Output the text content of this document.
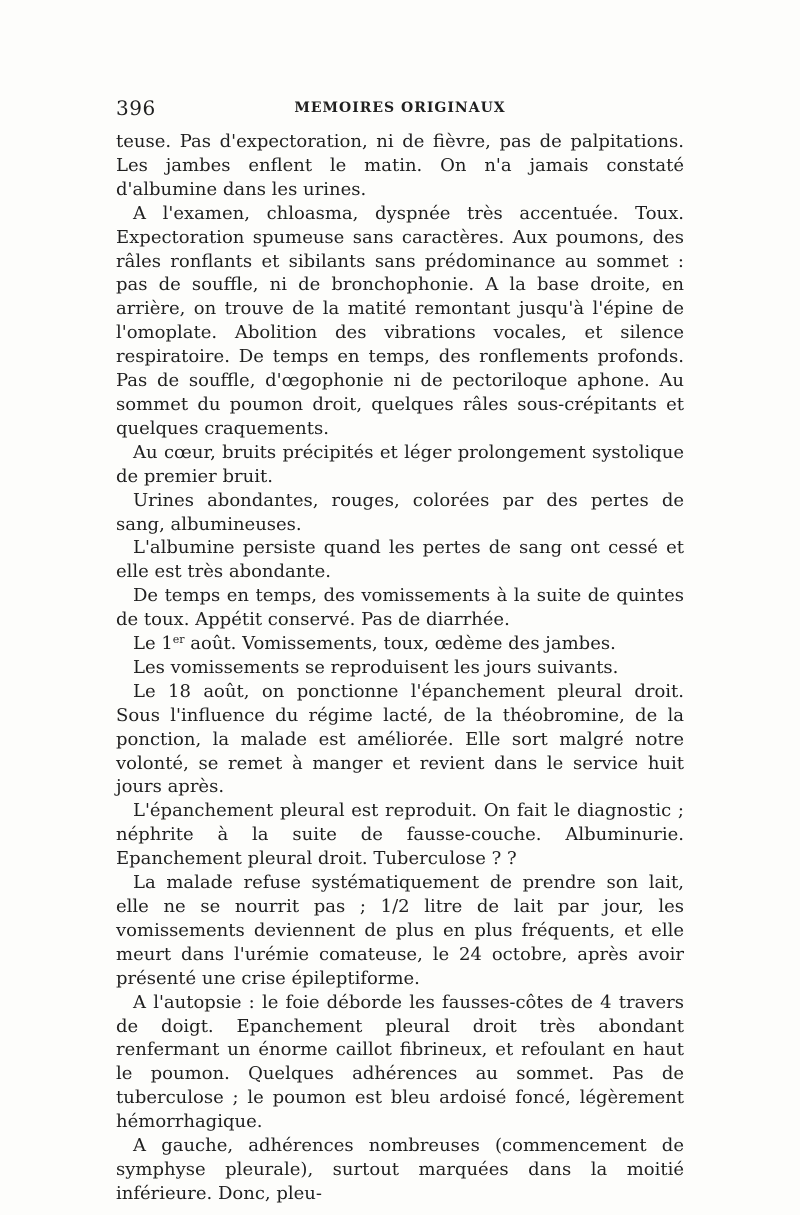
396	MEMOIRES ORIGINAUX

teuse. Pas d'expectoration, ni de fièvre, pas de palpitations. Les jambes enflent le matin. On n'a jamais constaté d'albumine dans les urines.

A l'examen, chloasma, dyspnée très accentuée. Toux. Expectoration spumeuse sans caractères. Aux poumons, des râles ronflants et sibilants sans prédominance au sommet : pas de souffle, ni de bronchophonie. A la base droite, en arrière, on trouve de la matité remontant jusqu'à l'épine de l'omoplate. Abolition des vibrations vocales, et silence respiratoire. De temps en temps, des ronflements profonds. Pas de souffle, d'œgophonie ni de pectoriloque aphone. Au sommet du poumon droit, quelques râles sous-crépitants et quelques craquements.

Au cœur, bruits précipités et léger prolongement systolique de premier bruit.

Urines abondantes, rouges, colorées par des pertes de sang, albumineuses.

L'albumine persiste quand les pertes de sang ont cessé et elle est très abondante.

De temps en temps, des vomissements à la suite de quintes de toux. Appétit conservé. Pas de diarrhée.

Le 1er août. Vomissements, toux, œdème des jambes.

Les vomissements se reproduisent les jours suivants.

Le 18 août, on ponctionne l'épanchement pleural droit. Sous l'influence du régime lacté, de la théobromine, de la ponction, la malade est améliorée. Elle sort malgré notre volonté, se remet à manger et revient dans le service huit jours après.

L'épanchement pleural est reproduit. On fait le diagnostic ; néphrite à la suite de fausse-couche. Albuminurie. Epanchement pleural droit. Tuberculose ? ?

La malade refuse systématiquement de prendre son lait, elle ne se nourrit pas ; 1/2 litre de lait par jour, les vomissements deviennent de plus en plus fréquents, et elle meurt dans l'urémie comateuse, le 24 octobre, après avoir présenté une crise épileptiforme.

A l'autopsie : le foie déborde les fausses-côtes de 4 travers de doigt. Epanchement pleural droit très abondant renfermant un énorme caillot fibrineux, et refoulant en haut le poumon. Quelques adhérences au sommet. Pas de tuberculose ; le poumon est bleu ardoisé foncé, légèrement hémorrhagique.

A gauche, adhérences nombreuses (commencement de symphyse pleurale), surtout marquées dans la moitié inférieure. Donc, pleu-
